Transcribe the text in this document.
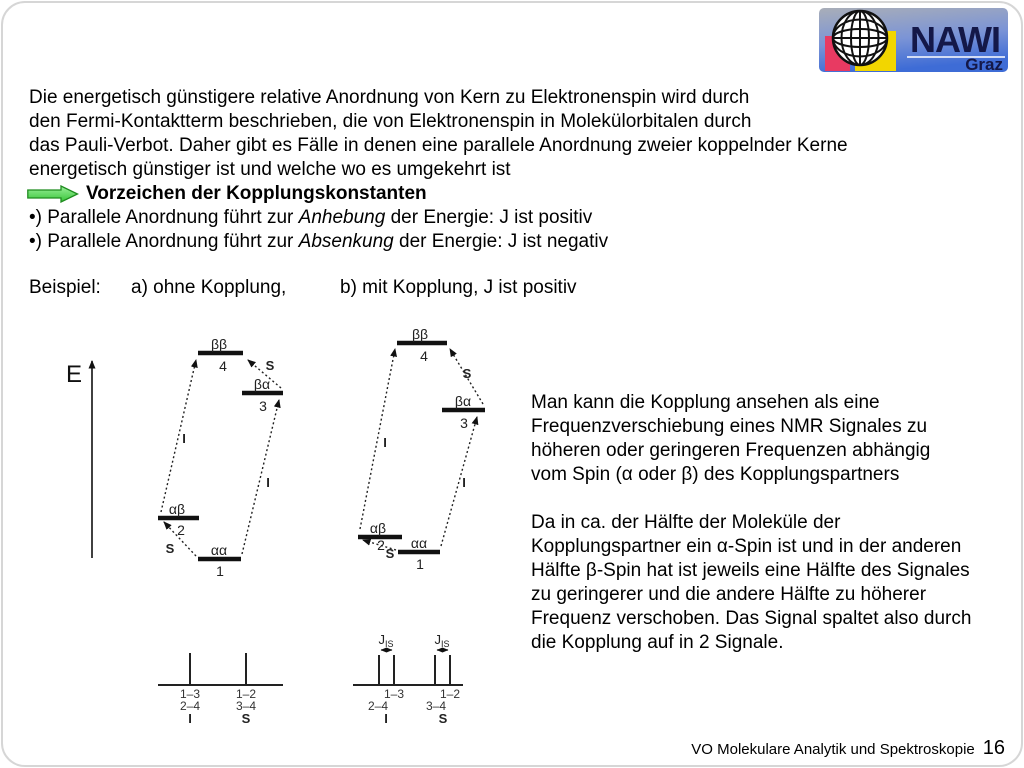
NAWI
Graz
Die energetisch günstigere relative Anordnung von Kern zu Elektronenspin wird durch
den Fermi-Kontaktterm beschrieben, die von Elektronenspin in Molekülorbitalen durch
das Pauli-Verbot. Daher gibt es Fälle in denen eine parallele Anordnung zweier koppelnder Kerne
energetisch günstiger ist und welche wo es umgekehrt ist
Vorzeichen der Kopplungskonstanten
•) Parallele Anordnung führt zur Anhebung der Energie: J ist positiv
•) Parallele Anordnung führt zur Absenkung der Energie: J ist negativ
Beispiel: a) ohne Kopplung,	b) mit Kopplung, J ist positiv
E
ββ
4
βα
3
αβ
2
αα
1
S
I
I
S
ββ
4
βα
3
αβ
2 αα
1
S
I
I
S
1–3
2–4
I
1–2
3–4
S
$J_{IS}$	$J_{IS}$
1–3
2–4
I
1–2
3–4
S
Man kann die Kopplung ansehen als eine
Frequenzverschiebung eines NMR Signales zu
höheren oder geringeren Frequenzen abhängig
vom Spin (α oder β) des Kopplungspartners
Da in ca. der Hälfte der Moleküle der
Kopplungspartner ein α-Spin ist und in der anderen
Hälfte β-Spin hat ist jeweils eine Hälfte des Signales
zu geringerer und die andere Hälfte zu höherer
Frequenz verschoben. Das Signal spaltet also durch
die Kopplung auf in 2 Signale.
VO Molekulare Analytik und Spektroskopie 16
